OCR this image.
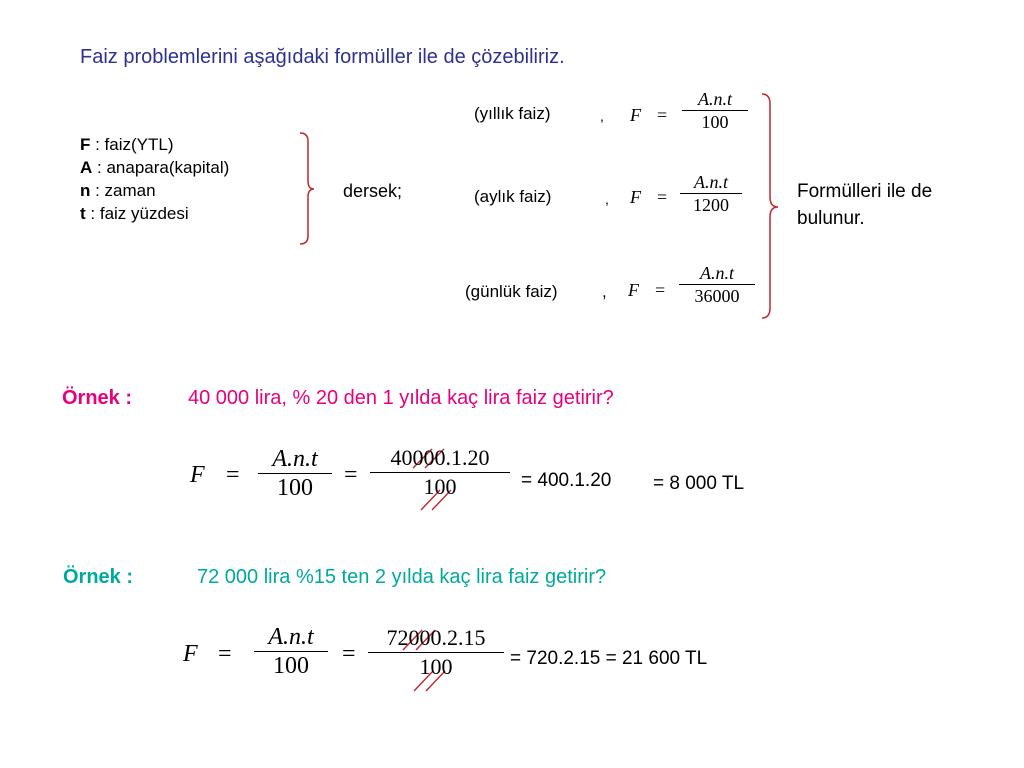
Faiz problemlerini aşağıdaki formüller ile de çözebiliriz.
F : faiz(YTL)
A : anapara(kapital)
n : zaman
t : faiz yüzdesi
dersek;
(yıllık faiz)	, F =
A.n.t
100
(aylık faiz)	, F =
A.n.t
1200
(günlük faiz)	, F =
A.n.t
36000
Formülleri ile de bulunur.
Örnek :	40 000 lira, % 20 den 1 yılda kaç lira faiz getirir?
F =
A.n.t
100	=
40000.1.20
100	= 400.1.20 = 8 000 TL
Örnek :	72 000 lira %15 ten 2 yılda kaç lira faiz getirir?
F =
A.n.t
100	=
72000.2.15
100	= 720.2.15 = 21 600 TL
